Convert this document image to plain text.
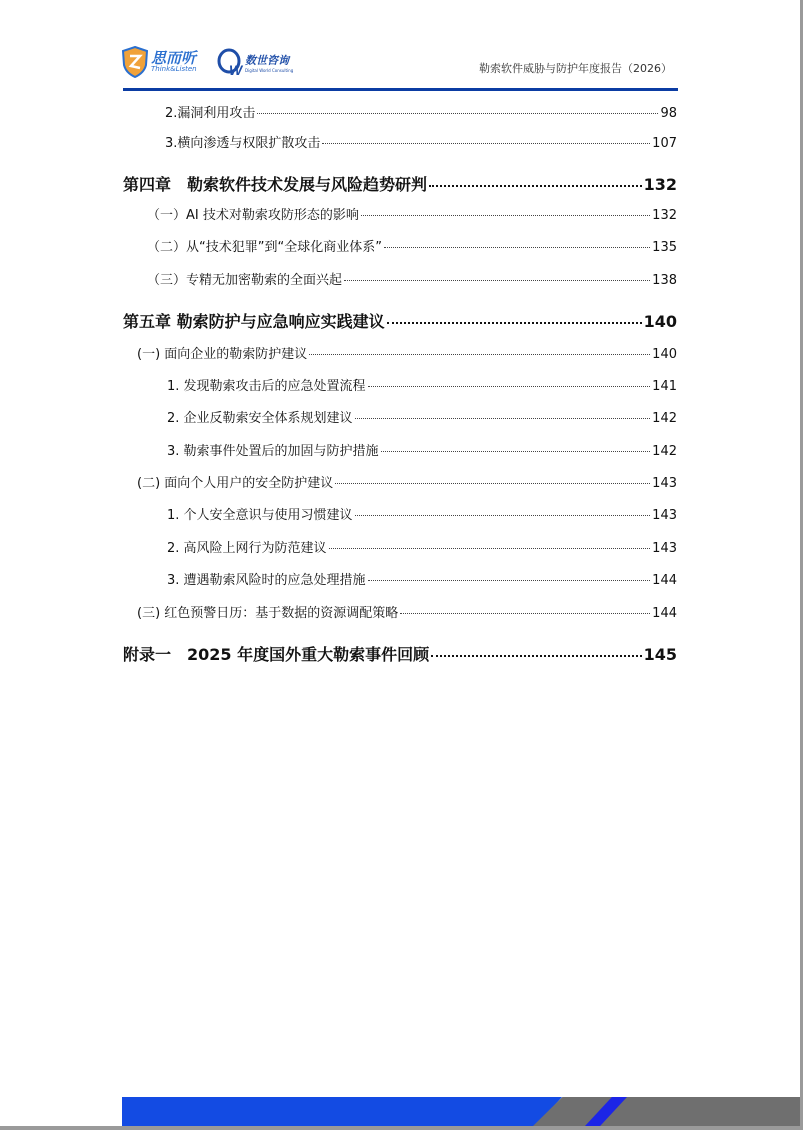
思而听
Think&Listen W
数世咨询
Digital World Consulting	勒索软件威胁与防护年度报告（2026）
2.漏洞利用攻击	98
3.横向渗透与权限扩散攻击	107
第四章　勒索软件技术发展与风险趋势研判	132
（一）AI 技术对勒索攻防形态的影响	132
（二）从“技术犯罪”到“全球化商业体系”	135
（三）专精无加密勒索的全面兴起	138
第五章 勒索防护与应急响应实践建议	140
(一) 面向企业的勒索防护建议	140
1. 发现勒索攻击后的应急处置流程	141
2. 企业反勒索安全体系规划建议	142
3. 勒索事件处置后的加固与防护措施	142
(二) 面向个人用户的安全防护建议	143
1. 个人安全意识与使用习惯建议	143
2. 高风险上网行为防范建议	143
3. 遭遇勒索风险时的应急处理措施	144
(三) 红色预警日历：基于数据的资源调配策略	144
附录一　2025 年度国外重大勒索事件回顾	145
